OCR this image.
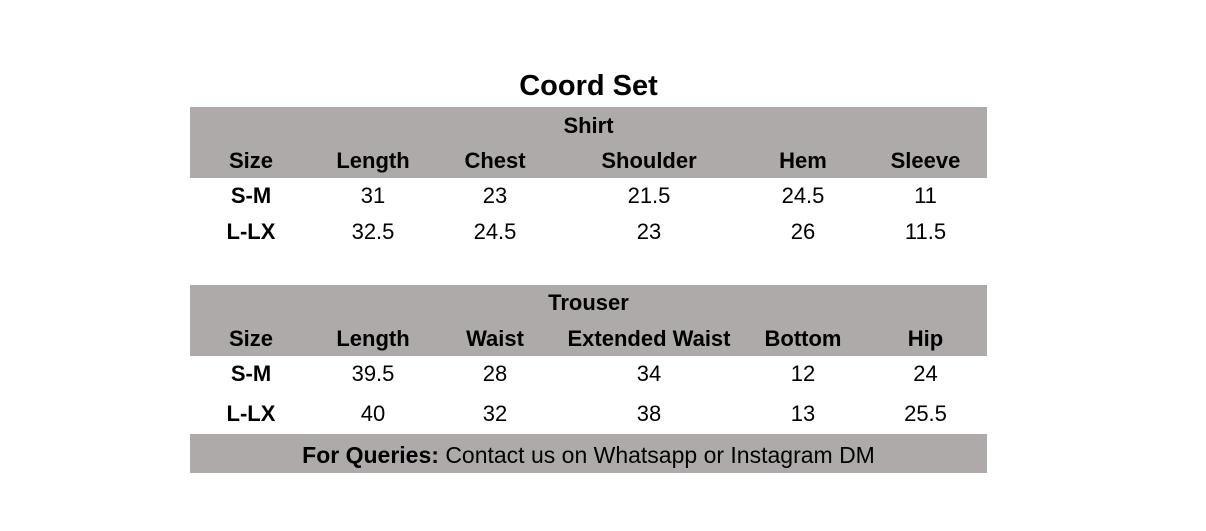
Coord Set
Shirt
Size	Length	Chest	Shoulder	Hem	Sleeve
S-M	31	23	21.5	24.5	11
L-LX	32.5	24.5	23	26	11.5
Trouser
Size	Length	Waist	Extended Waist	Bottom	Hip
S-M	39.5	28	34	12	24
L-LX	40	32	38	13	25.5
For Queries: Contact us on Whatsapp or Instagram DM
